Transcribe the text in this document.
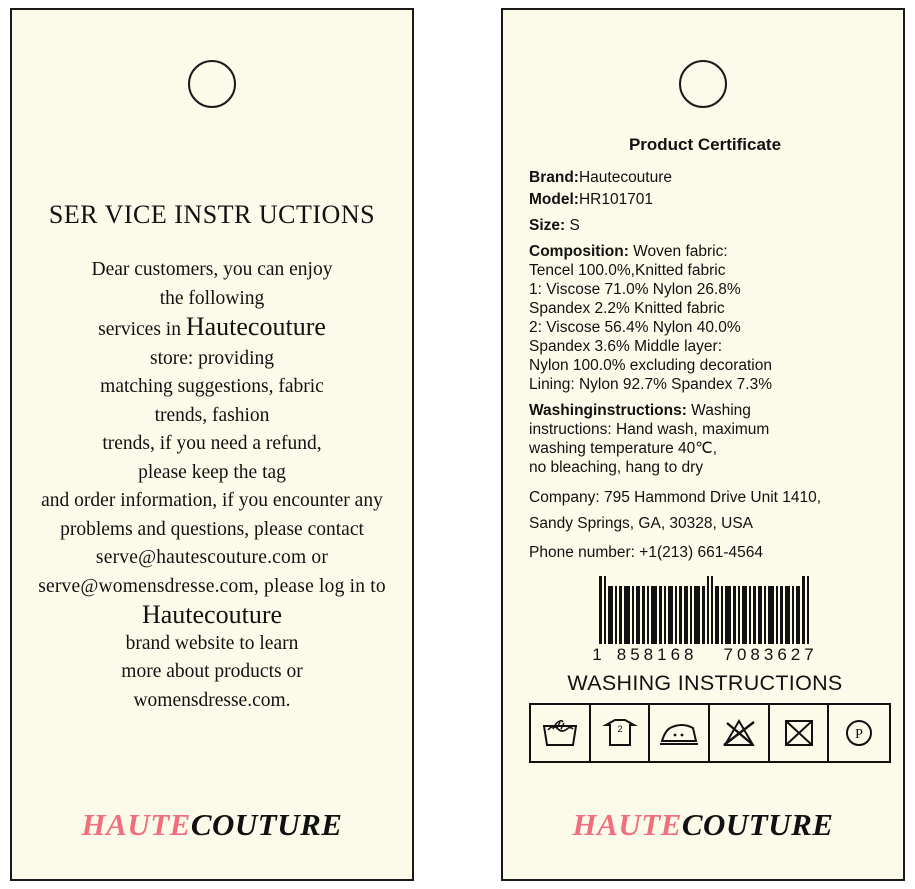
SER VICE INSTR UCTIONS
Dear customers, you can enjoy
the following
services in Hautecouture
store: providing
matching suggestions, fabric
trends, fashion
trends, if you need a refund,
please keep the tag
and order information, if you encounter any
problems and questions, please contact
serve@hautescouture.com or
serve@womensdresse.com, please log in to
Hautecouture
brand website to learn
more about products or
womensdresse.com.
HAUTECOUTURE
Product Certificate
Brand:Hautecouture
Model:HR101701
Size: S
Composition: Woven fabric:
Tencel 100.0%,Knitted fabric
1: Viscose 71.0% Nylon 26.8%
Spandex 2.2% Knitted fabric
2: Viscose 56.4% Nylon 40.0%
Spandex 3.6% Middle layer:
Nylon 100.0% excluding decoration
Lining: Nylon 92.7% Spandex 7.3%
Washinginstructions: Washing
instructions: Hand wash, maximum
washing temperature 40℃,
no bleaching, hang to dry
Company: 795 Hammond Drive Unit 1410,
Sandy Springs, GA, 30328, USA
Phone number: +1(213) 661-4564
1 858168 7083627
WASHING INSTRUCTIONS
2	P
HAUTECOUTURE
